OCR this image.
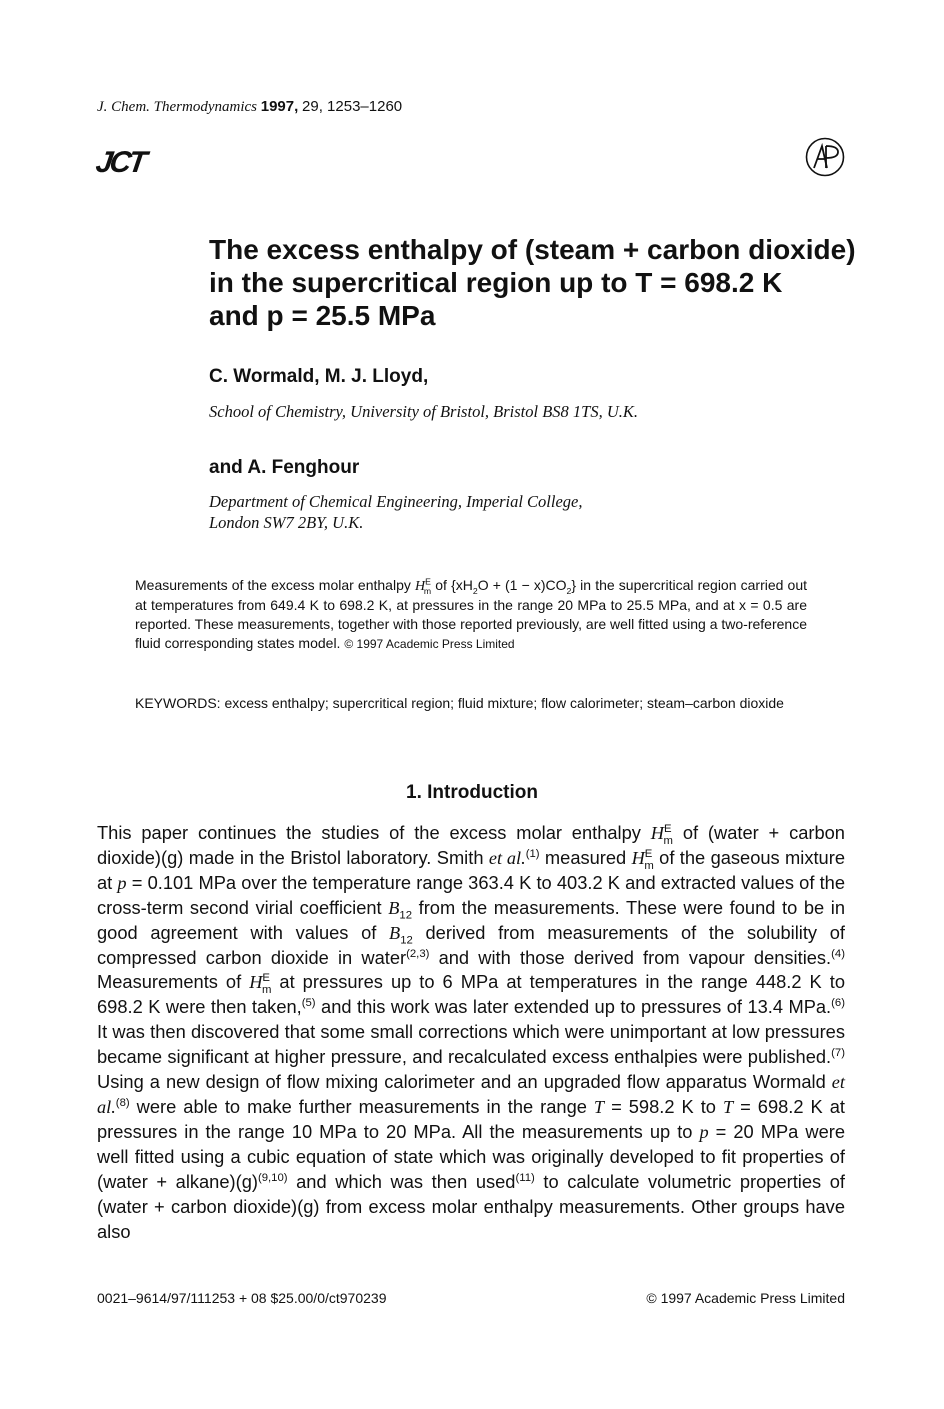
J. Chem. Thermodynamics 1997, 29, 1253–1260
JCT
The excess enthalpy of (steam + carbon dioxide)
in the supercritical region up to T = 698.2 K
and p = 25.5 MPa
C. Wormald, M. J. Lloyd,
School of Chemistry, University of Bristol, Bristol BS8 1TS, U.K.
and A. Fenghour
Department of Chemical Engineering, Imperial College,
London SW7 2BY, U.K.
Measurements of the excess molar enthalpy $H^E_m$ of $\{xH_2O + (1 - x)CO_2\}$ in the supercritical region carried out at temperatures from 649.4 K to 698.2 K, at pressures in the range 20 MPa to 25.5 MPa, and at x = 0.5 are reported. These measurements, together with those reported previously, are well fitted using a two-reference fluid corresponding states model. © 1997 Academic Press Limited
KEYWORDS: excess enthalpy; supercritical region; fluid mixture; flow calorimeter; steam–carbon dioxide
1. Introduction
This paper continues the studies of the excess molar enthalpy $H^E_m$ of (water + carbon dioxide)(g) made in the Bristol laboratory. Smith et al.$^{(1)}$ measured $H^E_m$ of the gaseous mixture at p = 0.101 MPa over the temperature range 363.4 K to 403.2 K and extracted values of the cross-term second virial coefficient $B_{12}$ from the measurements. These were found to be in good agreement with values of $B_{12}$ derived from measurements of the solubility of compressed carbon dioxide in water$^{(2,3)}$ and with those derived from vapour densities.$^{(4)}$ Measurements of $H^E_m$ at pressures up to 6 MPa at temperatures in the range 448.2 K to 698.2 K were then taken,$^{(5)}$ and this work was later extended up to pressures of 13.4 MPa.$^{(6)}$ It was then discovered that some small corrections which were unimportant at low pressures became significant at higher pressure, and recalculated excess enthalpies were published.$^{(7)}$ Using a new design of flow mixing calorimeter and an upgraded flow apparatus Wormald et al.$^{(8)}$ were able to make further measurements in the range T = 598.2 K to T = 698.2 K at pressures in the range 10 MPa to 20 MPa. All the measurements up to p = 20 MPa were well fitted using a cubic equation of state which was originally developed to fit properties of (water + $alkane)(g)^{(9,10)}$ and which was then used$^{(11)}$ to calculate volumetric properties of (water + carbon dioxide)(g) from excess molar enthalpy measurements. Other groups have also
0021–9614/97/111253 + 08 $25.00/0/ct970239	© 1997 Academic Press Limited
